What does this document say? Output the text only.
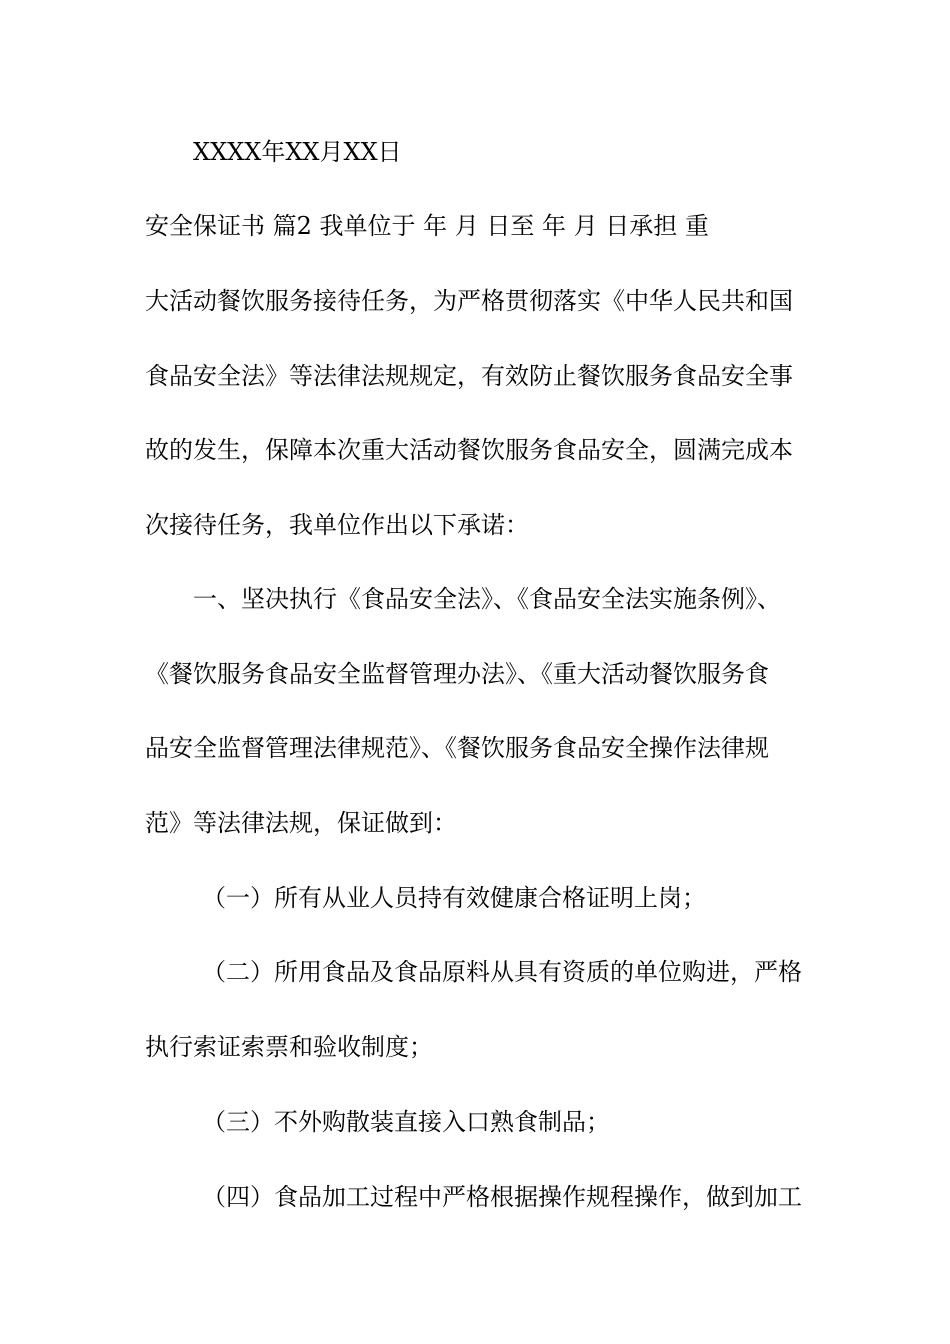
XXXX年XX月XX日
安全保证书 篇2 我单位于 年 月 日至 年 月 日承担 重
大活动餐饮服务接待任务，为严格贯彻落实《中华人民共和国
食品安全法》等法律法规规定，有效防止餐饮服务食品安全事
故的发生，保障本次重大活动餐饮服务食品安全，圆满完成本
次接待任务，我单位作出以下承诺：
一、坚决执行《食品安全法》、《食品安全法实施条例》、
《餐饮服务食品安全监督管理办法》、《重大活动餐饮服务食
品安全监督管理法律规范》、《餐饮服务食品安全操作法律规
范》等法律法规，保证做到：
（一）所有从业人员持有效健康合格证明上岗；
（二）所用食品及食品原料从具有资质的单位购进，严格
执行索证索票和验收制度；
（三）不外购散装直接入口熟食制品；
（四）食品加工过程中严格根据操作规程操作，做到加工
